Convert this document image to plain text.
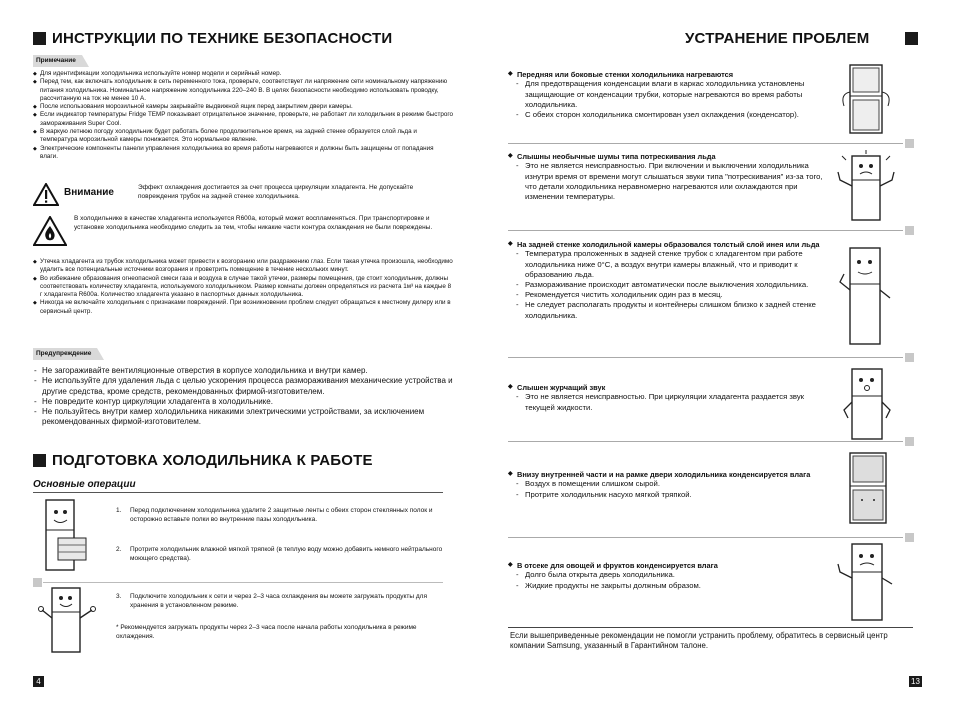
ИНСТРУКЦИИ ПО ТЕХНИКЕ БЕЗОПАСНОСТИ
Примечание
◆ Для идентификации холодильника используйте номер модели и серийный номер.
◆ Перед тем, как включать холодильник в сеть переменного тока, проверьте, соответствует ли напряжение сети номинальному напряжению питания холодильника. Номинальное напряжение холодильника 220–240 В. В целях безопасности необходимо использовать проводку, рассчитанную на ток не менее 10 А.
◆ После использования морозильной камеры закрывайте выдвижной ящик перед закрытием двери камеры.
◆ Если индикатор температуры Fridge TEMP показывает отрицательное значение, проверьте, не работает ли холодильник в режиме быстрого замораживания Super Cool.
◆ В жаркую летнюю погоду холодильник будет работать более продолжительное время, на задней стенке образуется слой льда и температура морозильной камеры понижается. Это нормальное явление.
◆ Электрические компоненты панели управления холодильника во время работы нагреваются и должны быть защищены от попадания влаги.
Внимание	Эффект охлаждения достигается за счет процесса циркуляции хладагента. Не допускайте повреждения трубок на задней стенке холодильника.
В холодильнике в качестве хладагента используется R600a, который может воспламеняться. При транспортировке и установке холодильника необходимо следить за тем, чтобы никакие части контура охлаждения не были повреждены.
◆ Утечка хладагента из трубок холодильника может привести к возгоранию или раздражению глаз. Если такая утечка произошла, необходимо удалить все потенциальные источники возгорания и проветрить помещение в течение нескольких минут.
◆ Во избежание образования огнеопасной смеси газа и воздуха в случае такой утечки, размеры помещения, где стоит холодильник, должны соответствовать количеству хладагента, используемого холодильником. Размер комнаты должен определяться из расчета 1м³ на каждые 8 г хладагента R600a. Количество хладагента указано в паспортных данных холодильника.
◆ Никогда не включайте холодильник с признаками повреждений. При возникновении проблем следует обращаться к местному дилеру или в сервисный центр.
Предупреждение
- Не загораживайте вентиляционные отверстия в корпусе холодильника и внутри камер.
- Не используйте для удаления льда с целью ускорения процесса размораживания механические устройства и другие средства, кроме средств, рекомендованных фирмой-изготовителем.
- Не повредите контур циркуляции хладагента в холодильнике.
- Не пользуйтесь внутри камер холодильника никакими электрическими устройствами, за исключением рекомендованных фирмой-изготовителем.
ПОДГОТОВКА ХОЛОДИЛЬНИКА К РАБОТЕ
Основные операции
1.	Перед подключением холодильника удалите 2 защитные ленты с обеих сторон стеклянных полок и осторожно вставьте полки во внутренние пазы холодильника.
2.	Протрите холодильник влажной мягкой тряпкой (в теплую воду можно добавить немного нейтрального моющего средства).
3.	Подключите холодильник к сети и через 2–3 часа охлаждения вы можете загружать продукты для хранения в установленном режиме.
* Рекомендуется загружать продукты через 2–3 часа после начала работы холодильника в режиме охлаждения.
4
УСТРАНЕНИЕ ПРОБЛЕМ
◆ Передняя или боковые стенки холодильника нагреваются
- Для предотвращения конденсации влаги в каркас холодильника установлены защищающие от конденсации трубки, которые нагреваются во время работы холодильника.
- С обеих сторон холодильника смонтирован узел охлаждения (конденсатор).
◆ Слышны необычные шумы типа потрескивания льда
- Это не является неисправностью. При включении и выключении холодильника изнутри время от времени могут слышаться звуки типа "потрескивания" из-за того, что детали холодильника неравномерно нагреваются или охлаждаются при изменении температуры.
◆ На задней стенке холодильной камеры образовался толстый слой инея или льда
- Температура проложенных в задней стенке трубок с хладагентом при работе холодильника ниже 0°C, а воздух внутри камеры влажный, что и приводит к образованию льда.
- Размораживание происходит автоматически после выключения холодильника.
- Рекомендуется чистить холодильник один раз в месяц.
- Не следует располагать продукты и контейнеры слишком близко к задней стенке холодильника.
◆ Слышен журчащий звук
- Это не является неисправностью. При циркуляции хладагента раздается звук текущей жидкости.
◆ Внизу внутренней части и на рамке двери холодильника конденсируется влага
- Воздух в помещении слишком сырой.
- Протрите холодильник насухо мягкой тряпкой.
◆ В отсеке для овощей и фруктов конденсируется влага
- Долго была открыта дверь холодильника.
- Жидкие продукты не закрыты должным образом.
Если вышеприведенные рекомендации не помогли устранить проблему, обратитесь в сервисный центр компании Samsung, указанный в Гарантийном талоне.
13
